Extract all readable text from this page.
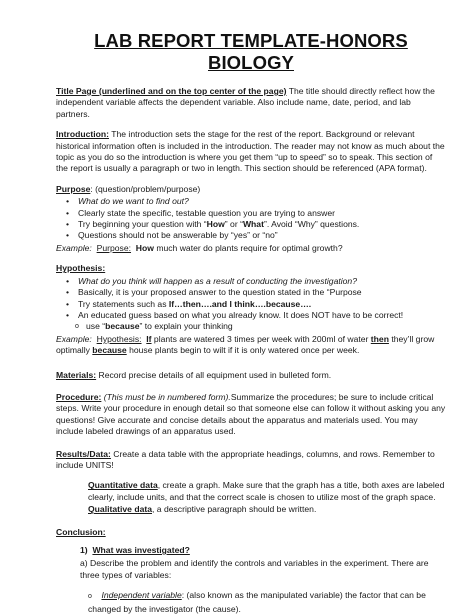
LAB REPORT TEMPLATE-HONORS BIOLOGY

Title Page (underlined and on the top center of the page) The title should directly reflect how the independent variable affects the dependent variable. Also include name, date, period, and lab partners.

Introduction: The introduction sets the stage for the rest of the report. Background or relevant historical information often is included in the introduction. The reader may not know as much about the topic as you do so the introduction is where you get them “up to speed” so to speak. This section of the report is usually a paragraph or two in length. This section should be referenced (APA format).

Purpose: (question/problem/purpose)

• What do we want to find out?
• Clearly state the specific, testable question you are trying to answer
• Try beginning your question with “How” or “What”. Avoid “Why” questions.
• Questions should not be answerable by “yes” or “no”

Example: Purpose: How much water do plants require for optimal growth?

Hypothesis:

• What do you think will happen as a result of conducting the investigation?
• Basically, it is your proposed answer to the question stated in the “Purpose
• Try statements such as If…then….and I think….because….
• An educated guess based on what you already know. It does NOT have to be correct!
o use “because” to explain your thinking

Example: Hypothesis: If plants are watered 3 times per week with 200ml of water then they’ll grow optimally because house plants begin to wilt if it is only watered once per week.

Materials: Record precise details of all equipment used in bulleted form.

Procedure: (This must be in numbered form).Summarize the procedures; be sure to include critical steps. Write your procedure in enough detail so that someone else can follow it without asking you any questions! Give accurate and concise details about the apparatus and materials used. You may include labeled drawings of an apparatus used.

Results/Data: Create a data table with the appropriate headings, columns, and rows. Remember to include UNITS!

Quantitative data, create a graph. Make sure that the graph has a title, both axes are labeled clearly, include units, and that the correct scale is chosen to utilize most of the graph space.

Qualitative data, a descriptive paragraph should be written.

Conclusion:

1) What was investigated?

a) Describe the problem and identify the controls and variables in the experiment. There are three types of variables:

o Independent variable: (also known as the manipulated variable) the factor that can be changed by the investigator (the cause).
